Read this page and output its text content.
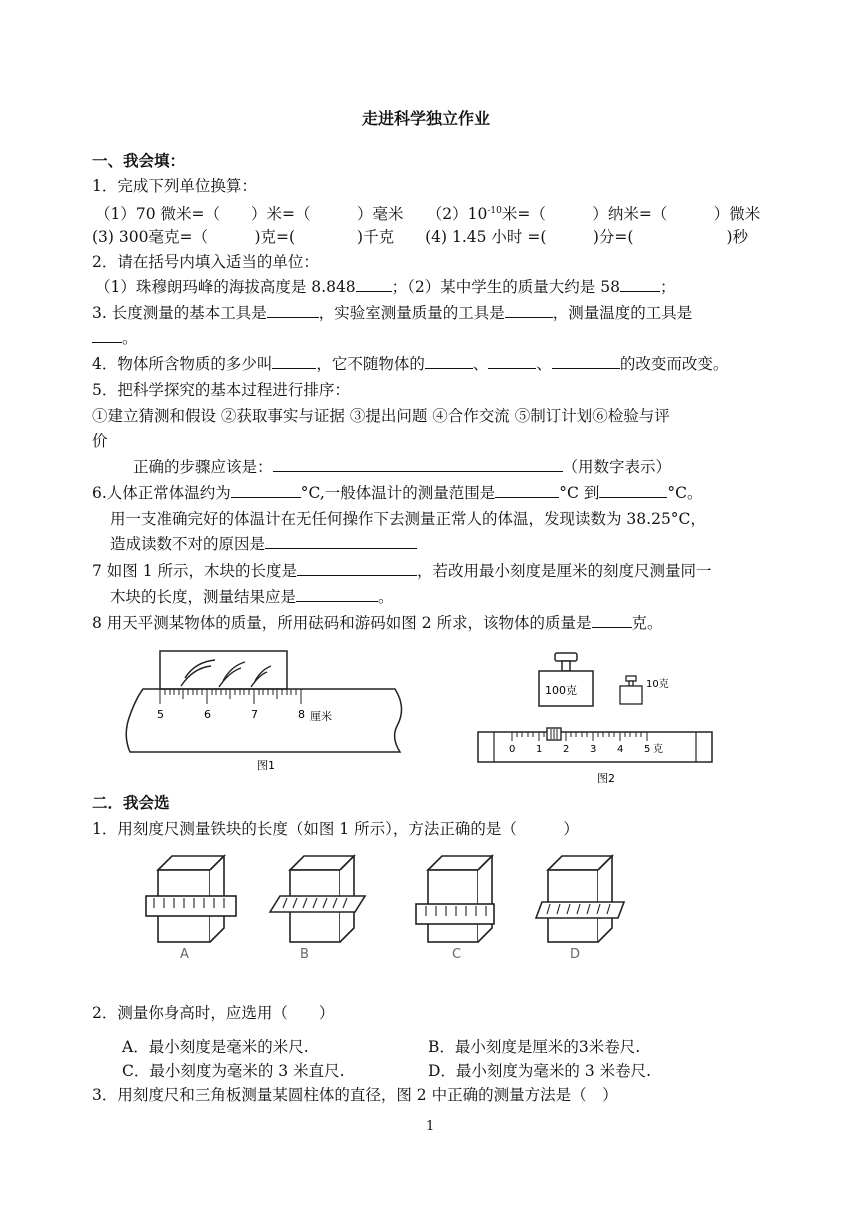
走进科学独立作业
一、我会填：
1．完成下列单位换算：
（1）70 微米=（　　）米=（　　　）毫米　　$(2)10^{-10}$米=（　　　）纳米=（　　　）微米
(3) 300毫克=（　　　)克=(　　　　)千克　　(4) 1.45 小时 =(　　　)分=(　　　　　　)秒
2．请在括号内填入适当的单位：
（1）珠穆朗玛峰的海拔高度是 8.848 ；（2）某中学生的质量大约是 58	；
3. 长度测量的基本工具是	，实验室测量质量的工具是	，测量温度的工具是
。
4．物体所含物质的多少叫	，它不随物体的	、	、	的改变而改变。
5．把科学探究的基本过程进行排序：
①建立猜测和假设 ②获取事实与证据 ③提出问题 ④合作交流 ⑤制订计划⑥检验与评
价
正确的步骤应该是：	（用数字表示）
6.人体正常体温约为	°C,一般体温计的测量范围是	°C 到	°C。
用一支准确完好的体温计在无任何操作下去测量正常人的体温，发现读数为 38.25°C，
造成读数不对的原因是
7 如图 1 所示，木块的长度是	，若改用最小刻度是厘米的刻度尺测量同一
木块的长度，测量结果应是	。
8 用天平测某物体的质量，所用砝码和游码如图 2 所求，该物体的质量是	克。
5	6	7	8 厘米
图1
100克	10克
0 1 2 3 4 5 克
图2
二．我会选
1．用刻度尺测量铁块的长度（如图 1 所示），方法正确的是（　　　）
A	B	C	D
2．测量你身高时，应选用（　　）
A．最小刻度是毫米的米尺.	B．最小刻度是厘米的3米卷尺.
C．最小刻度为毫米的 3 米直尺.	D．最小刻度为毫米的 3 米卷尺.
3．用刻度尺和三角板测量某圆柱体的直径，图 2 中正确的测量方法是（　）
1
